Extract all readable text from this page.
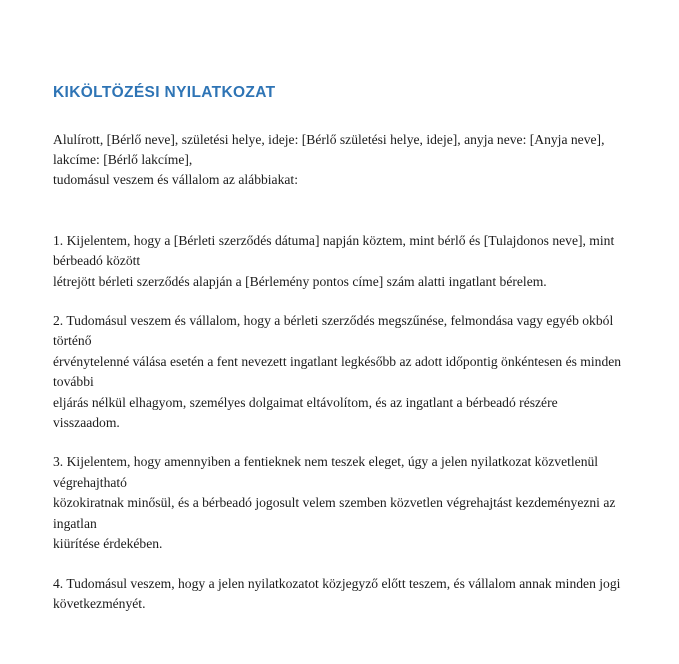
KIKÖLTÖZÉSI NYILATKOZAT

Alulírott, [Bérlő neve], születési helye, ideje: [Bérlő születési helye, ideje], anyja neve: [Anyja neve], lakcíme: [Bérlő lakcíme],
tudomásul veszem és vállalom az alábbiakat:

1. Kijelentem, hogy a [Bérleti szerződés dátuma] napján köztem, mint bérlő és [Tulajdonos neve], mint bérbeadó között
létrejött bérleti szerződés alapján a [Bérlemény pontos címe] szám alatti ingatlant bérelem.

2. Tudomásul veszem és vállalom, hogy a bérleti szerződés megszűnése, felmondása vagy egyéb okból történő
érvénytelenné válása esetén a fent nevezett ingatlant legkésőbb az adott időpontig önkéntesen és minden további
eljárás nélkül elhagyom, személyes dolgaimat eltávolítom, és az ingatlant a bérbeadó részére visszaadom.

3. Kijelentem, hogy amennyiben a fentieknek nem teszek eleget, úgy a jelen nyilatkozat közvetlenül végrehajtható
közokiratnak minősül, és a bérbeadó jogosult velem szemben közvetlen végrehajtást kezdeményezni az ingatlan
kiürítése érdekében.

4. Tudomásul veszem, hogy a jelen nyilatkozatot közjegyző előtt teszem, és vállalom annak minden jogi
következményét.
